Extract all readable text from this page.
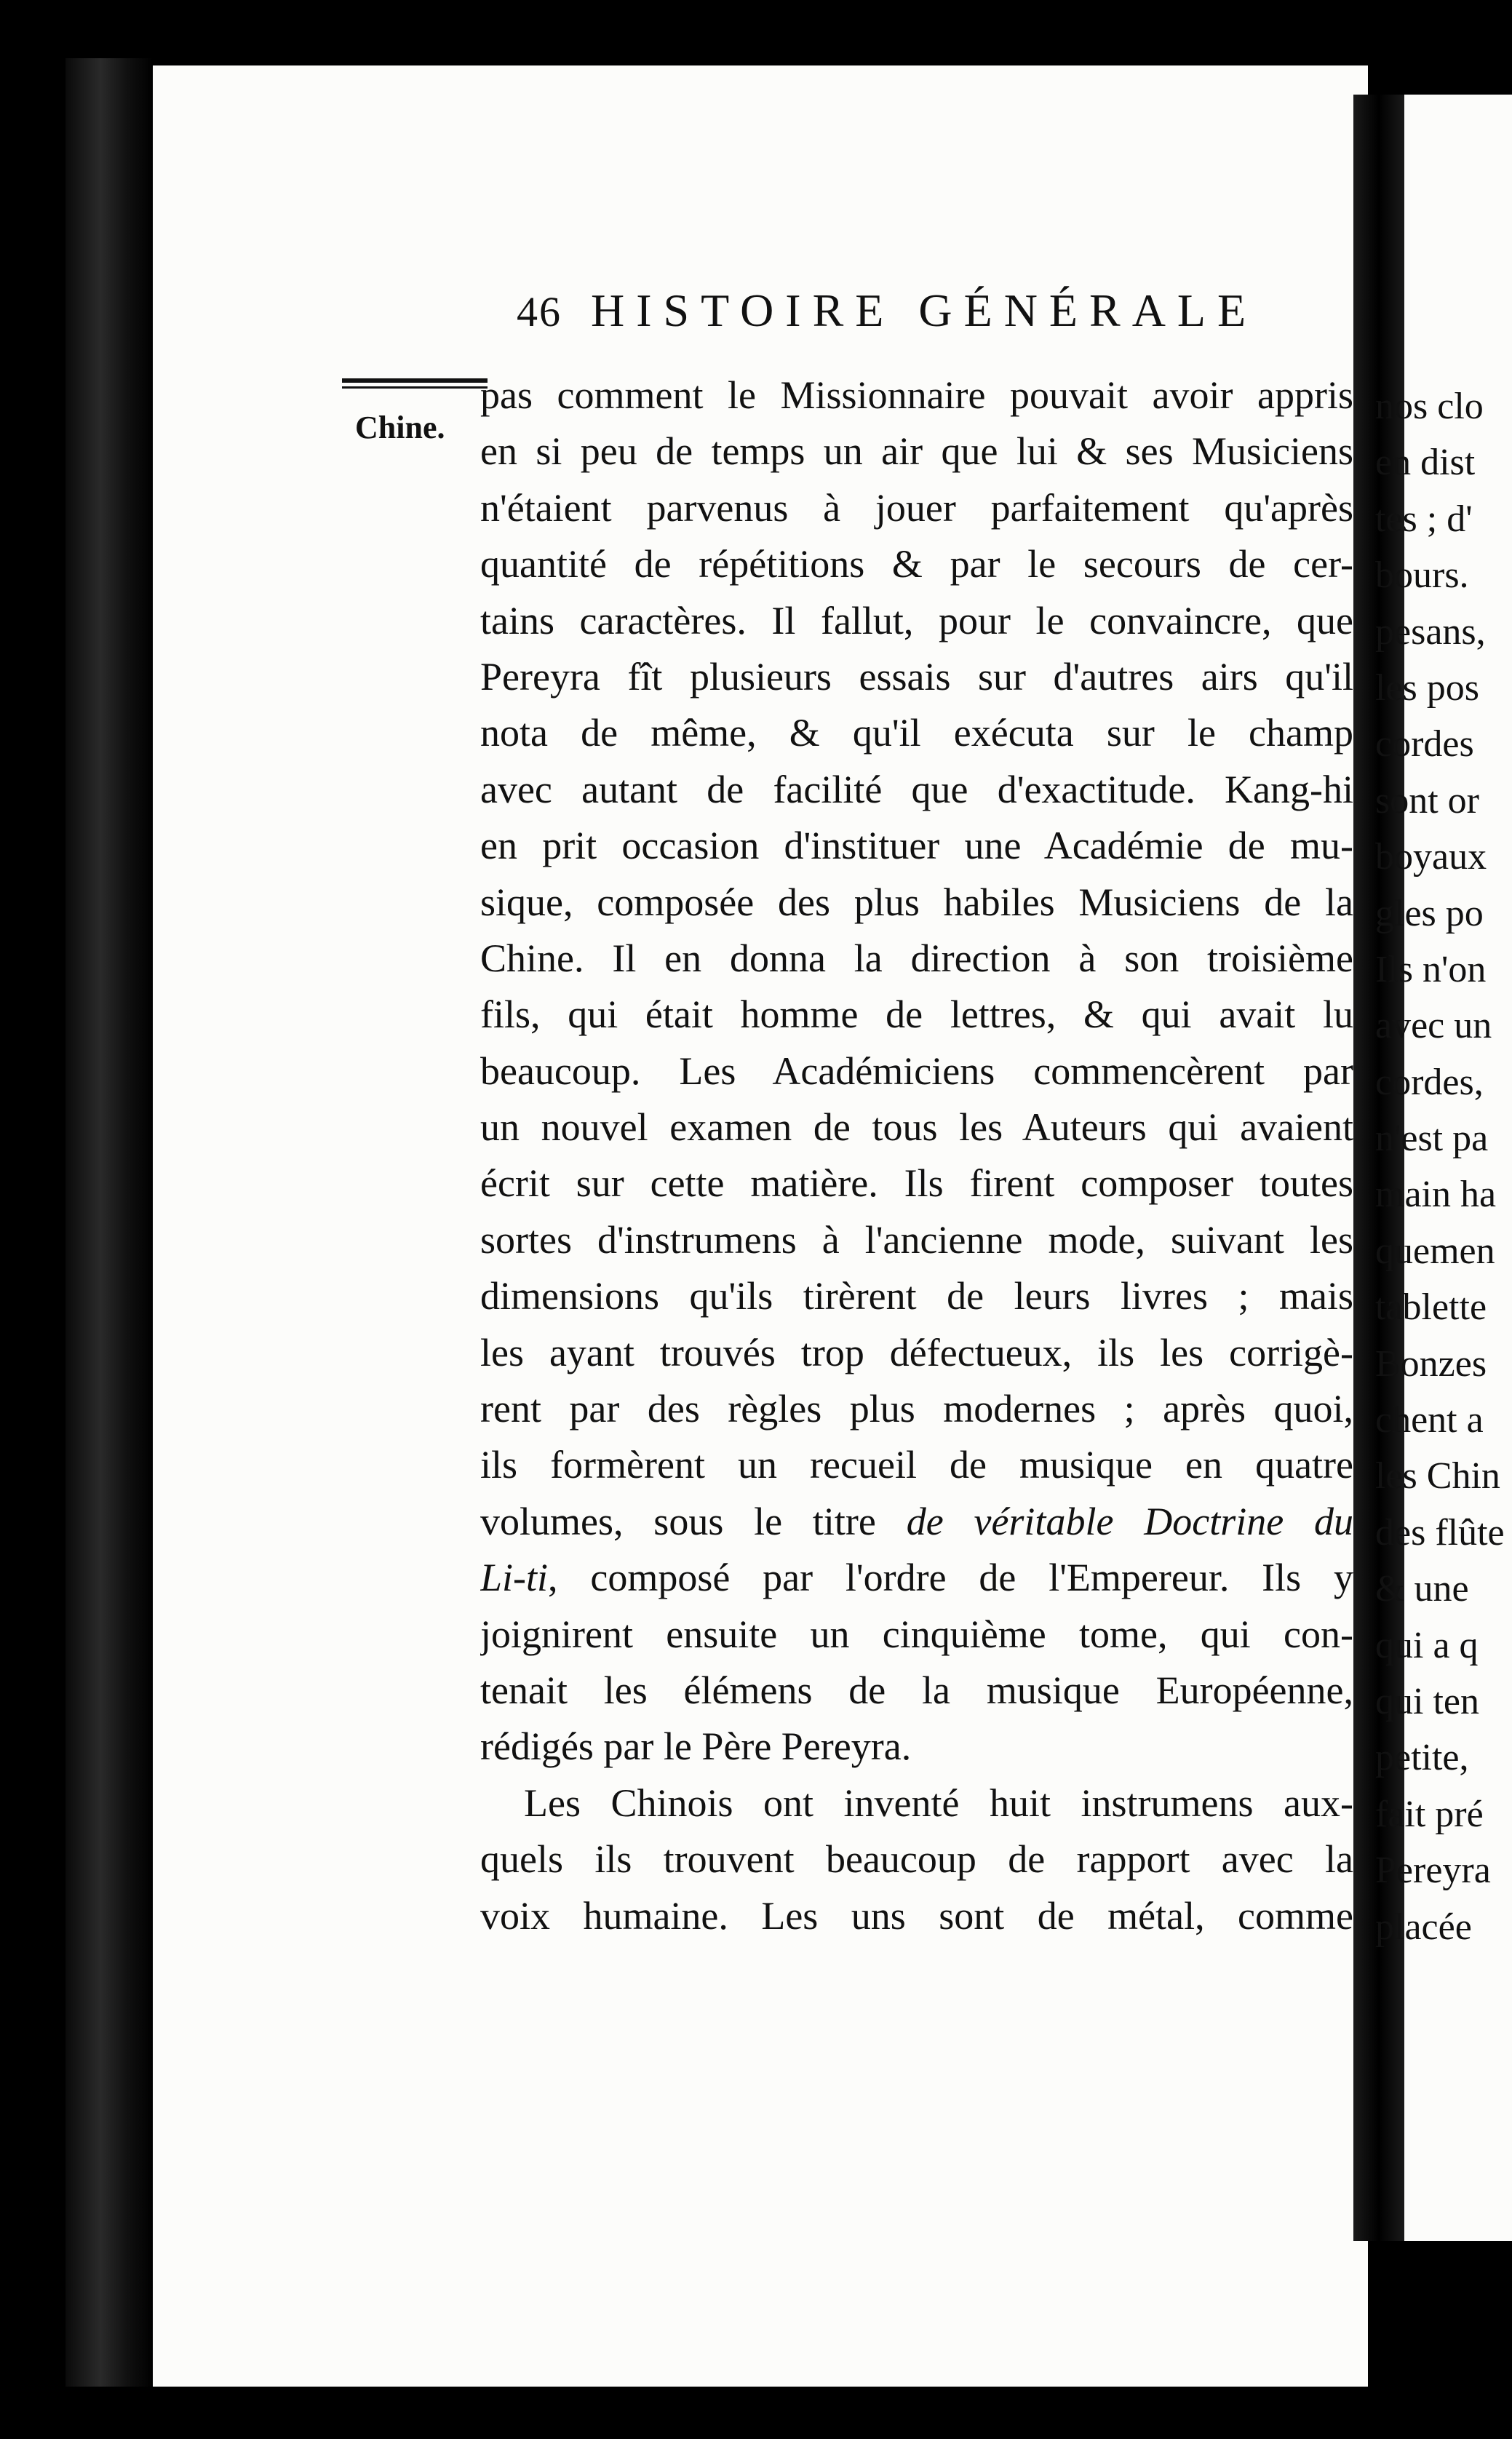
46 HISTOIRE GÉNÉRALE
Chine.
pas comment le Missionnaire pouvait avoir appris
en si peu de temps un air que lui & ses Musiciens
n'étaient parvenus à jouer parfaitement qu'après
quantité de répétitions & par le secours de cer-
tains caractères. Il fallut, pour le convaincre, que
Pereyra fît plusieurs essais sur d'autres airs qu'il
nota de même, & qu'il exécuta sur le champ
avec autant de facilité que d'exactitude. Kang-hi
en prit occasion d'instituer une Académie de mu-
sique, composée des plus habiles Musiciens de la
Chine. Il en donna la direction à son troisième
fils, qui était homme de lettres, & qui avait lu
beaucoup. Les Académiciens commencèrent par
un nouvel examen de tous les Auteurs qui avaient
écrit sur cette matière. Ils firent composer toutes
sortes d'instrumens à l'ancienne mode, suivant les
dimensions qu'ils tirèrent de leurs livres ; mais
les ayant trouvés trop défectueux, ils les corrigè-
rent par des règles plus modernes ; après quoi,
ils formèrent un recueil de musique en quatre
volumes, sous le titre de véritable Doctrine du
Li-ti, composé par l'ordre de l'Empereur. Ils y
joignirent ensuite un cinquième tome, qui con-
tenait les élémens de la musique Européenne,
rédigés par le Père Pereyra.
Les Chinois ont inventé huit instrumens aux-
quels ils trouvent beaucoup de rapport avec la
voix humaine. Les uns sont de métal, comme
nos clo
en dist
tes ; d'
bours.
pesans,
les pos
cordes
sont or
boyaux
gles po
Ils n'on
avec un
cordes,
n'est pa
main ha
quemen
tablette
Bonzes
chent a
les Chin
des flûte
& une
qui a q
qui ten
petite,
fait pré
Pereyra
placée
